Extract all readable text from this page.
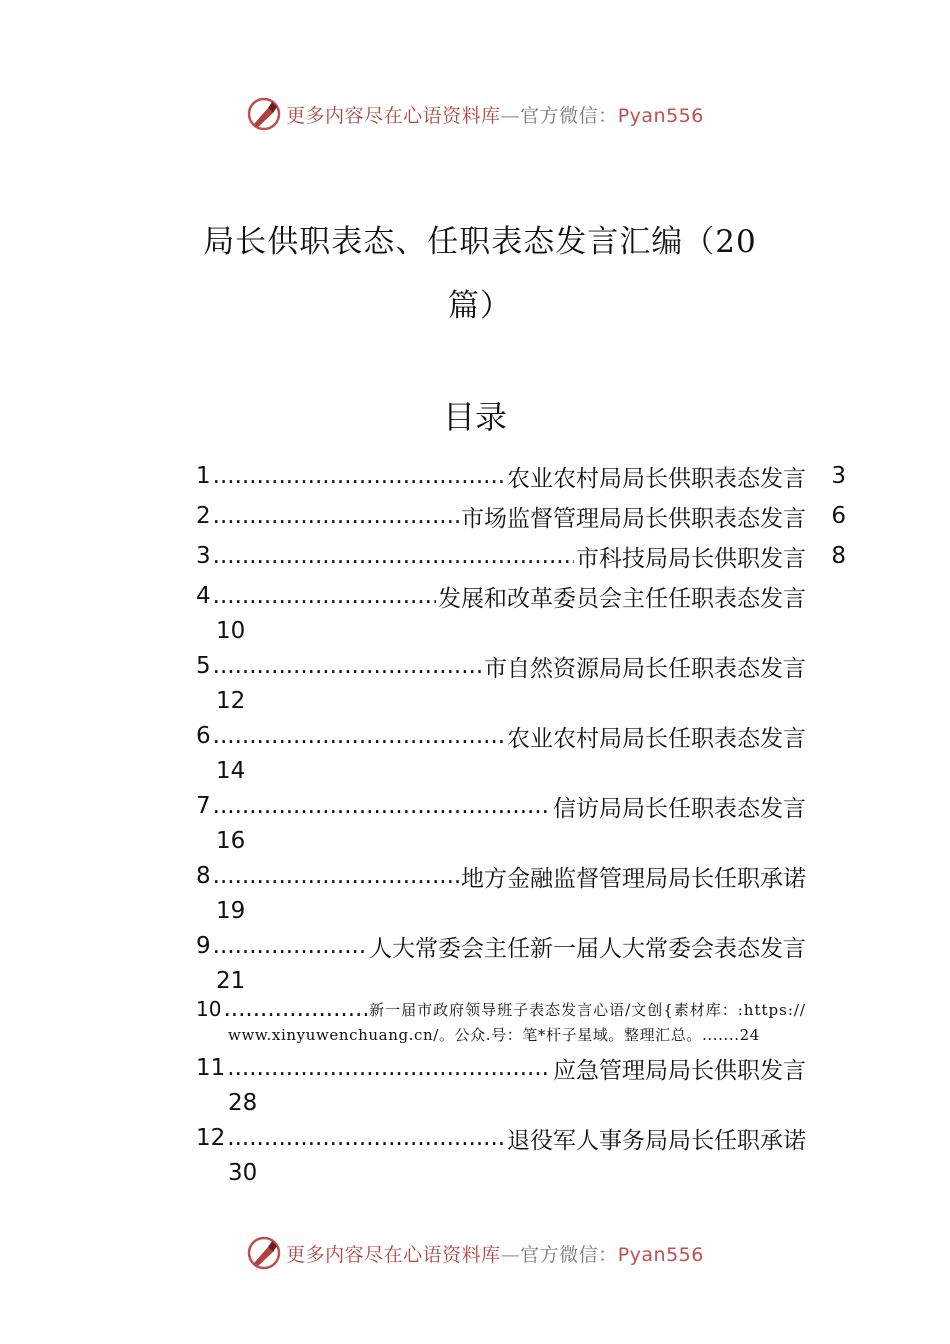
更多内容尽在心语资料库—官方微信：Pyan556
局长供职表态、任职表态发言汇编（20
篇）
目录
1 .....	农业农村局局长供职表态发言 3
2 .....	市场监督管理局局长供职表态发言 6
3 .....	市科技局局长供职发言 8
4 .....	发展和改革委员会主任任职表态发言
10
5 .....	市自然资源局局长任职表态发言
12
6 .....	农业农村局局长任职表态发言
14
7 .....	信访局局长任职表态发言
16
8 .....	地方金融监督管理局局长任职承诺
19
9 .....	人大常委会主任新一届人大常委会表态发言
21
10 .....	新一届市政府领导班子表态发言心语/文创{素材库：:https://
www.xinyuwenchuang.cn/。公众.号：笔*杆子星域。整理汇总。.......24
11 .....	应急管理局局长供职发言
28
12 .....	退役军人事务局局长任职承诺
30
更多内容尽在心语资料库—官方微信：Pyan556
